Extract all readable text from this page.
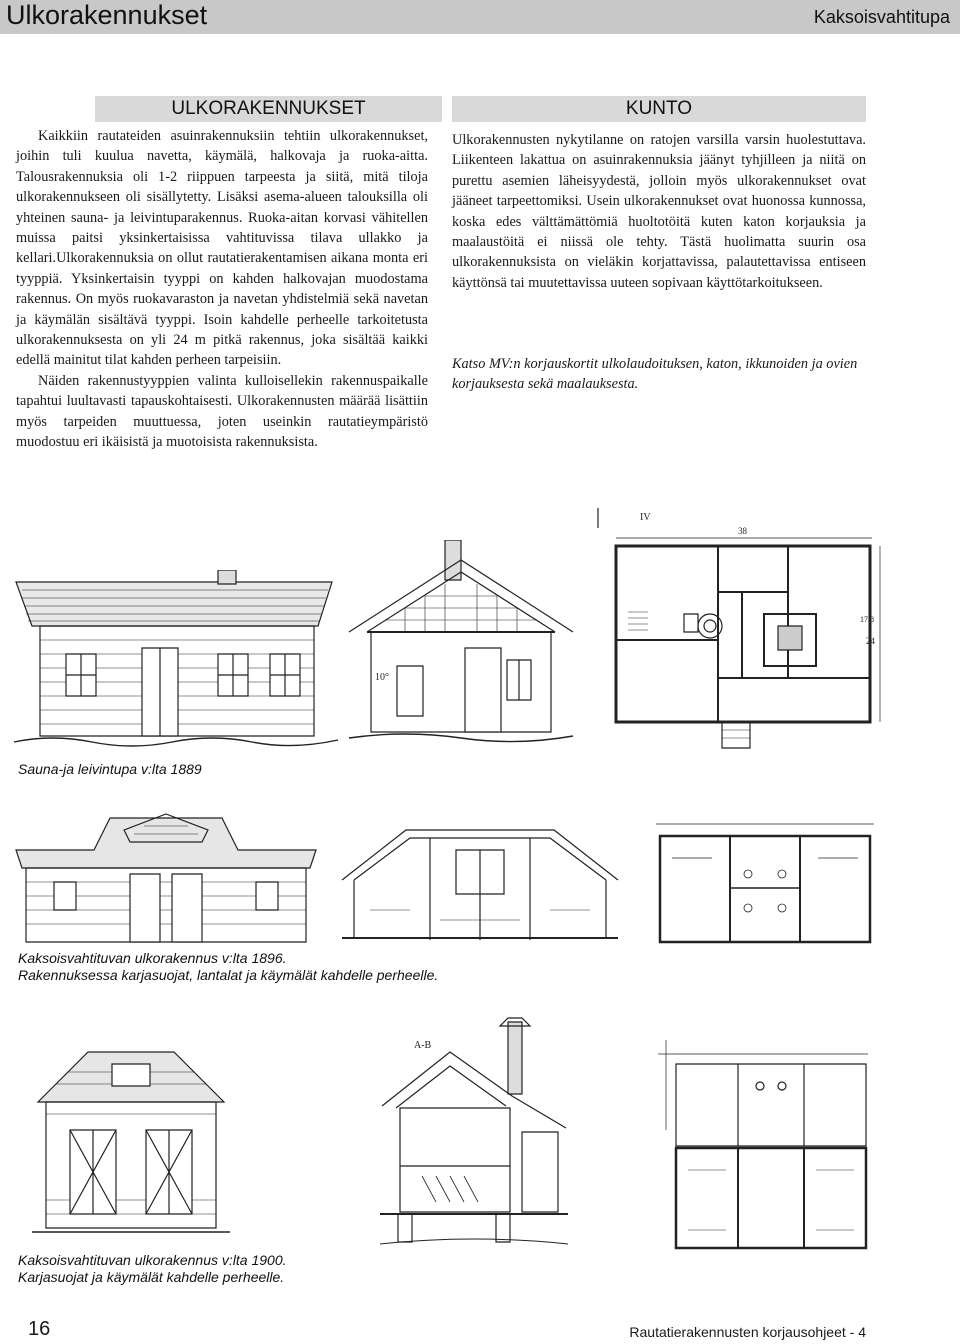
Ulkorakennukset	Kaksoisvahtitupa
ULKORAKENNUKSET

Kaikkiin rautateiden asuinrakennuksiin tehtiin ulkorakennukset, joihin tuli kuulua navetta, käymälä, halkovaja ja ruoka-aitta. Talousrakennuksia oli 1-2 riippuen tarpeesta ja siitä, mitä tiloja ulkorakennukseen oli sisällytetty. Lisäksi asema-alueen talouksilla oli yhteinen sauna- ja leivintuparakennus. Ruoka-aitan korvasi vähitellen muissa paitsi yksinkertaisissa vahtituvissa tilava ullakko ja kellari.Ulkorakennuksia on ollut rautatierakentamisen aikana monta eri tyyppiä. Yksinkertaisin tyyppi on kahden halkovajan muodostama rakennus. On myös ruokavaraston ja navetan yhdistelmiä sekä navetan ja käymälän sisältävä tyyppi. Isoin kahdelle perheelle tarkoitetusta ulkorakennuksesta on yli 24 m pitkä rakennus, joka sisältää kaikki edellä mainitut tilat kahden perheen tarpeisiin.

Näiden rakennustyyppien valinta kulloisellekin rakennuspaikalle tapahtui luultavasti tapauskohtaisesti. Ulkorakennusten määrää lisättiin myös tarpeiden muuttuessa, joten useinkin rautatieympäristö muodostuu eri ikäisistä ja muotoisista rakennuksista.

KUNTO

Ulkorakennusten nykytilanne on ratojen varsilla varsin huolestuttava. Liikenteen lakattua on asuinrakennuksia jäänyt tyhjilleen ja niitä on purettu asemien läheisyydestä, jolloin myös ulkorakennukset ovat jääneet tarpeettomiksi. Usein ulkorakennukset ovat huonossa kunnossa, koska edes välttämättömiä huoltotöitä kuten katon korjauksia ja maalaustöitä ei niissä ole tehty. Tästä huolimatta suurin osa ulkorakennuksista on vieläkin korjattavissa, palautettavissa entiseen käyttönsä tai muutettavissa uuteen sopivaan käyttötarkoitukseen.

Katso MV:n korjauskortit ulkolaudoituksen, katon, ikkunoiden ja ovien korjauksesta sekä maalauksesta.
10°
IV
38
17,8
24
Sauna-ja leivintupa v:lta 1889
Kaksoisvahtituvan ulkorakennus v:lta 1896.
Rakennuksessa karjasuojat, lantalat ja käymälät kahdelle perheelle.
A-B
Kaksoisvahtituvan ulkorakennus v:lta 1900.
Karjasuojat ja käymälät kahdelle perheelle.
16	Rautatierakennusten korjausohjeet - 4
